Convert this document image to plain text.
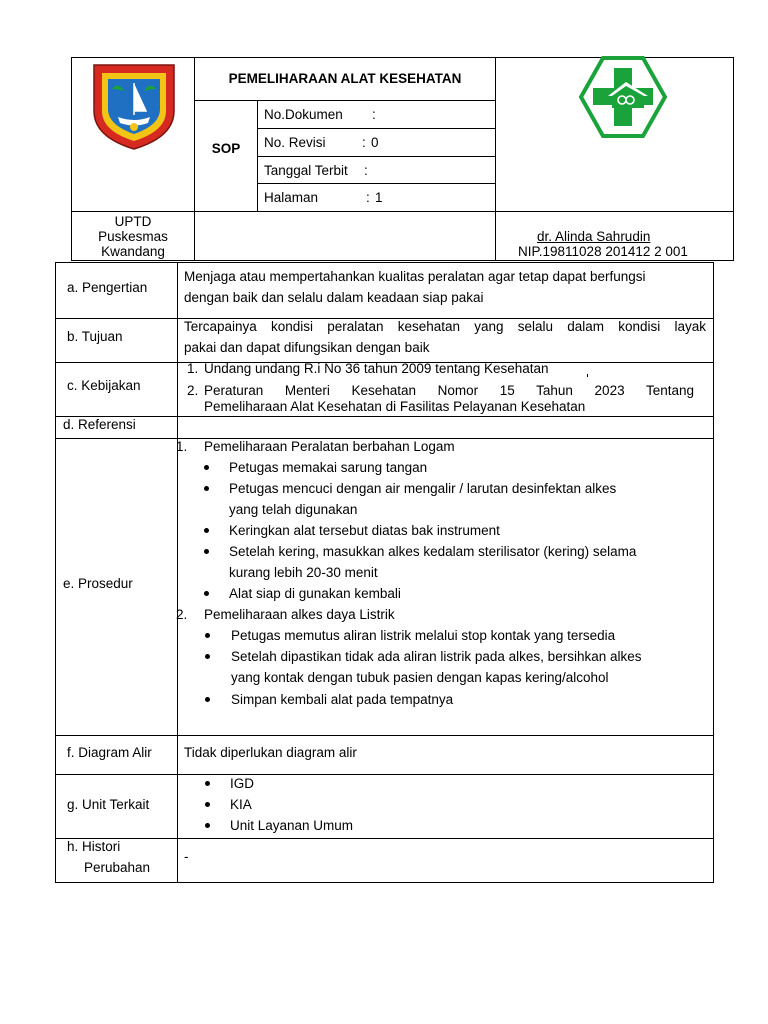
PEMELIHARAAN ALAT KESEHATAN
SOP
No.Dokumen :
No. Revisi	: 0
Tanggal Terbit :
Halaman	: 1
UPTD
Puskesmas
Kwandang
dr. Alinda Sahrudin
NIP.19811028 201412 2 001
a. Pengertian
Menjaga atau mempertahankan kualitas peralatan agar tetap dapat berfungsi
dengan baik dan selalu dalam keadaan siap pakai
b. Tujuan
Tercapainya kondisi peralatan kesehatan yang selalu dalam kondisi layak
pakai dan dapat difungsikan dengan baik
c. Kebijakan
1. Undang undang R.i No 36 tahun 2009 tentang Kesehatan
2. Peraturan Menteri Kesehatan Nomor 15 Tahun 2023 Tentang
Pemeliharaan Alat Kesehatan di Fasilitas Pelayanan Kesehatan
d. Referensi
e. Prosedur
1. Pemeliharaan Peralatan berbahan Logam
Petugas memakai sarung tangan
Petugas mencuci dengan air mengalir / larutan desinfektan alkes
yang telah digunakan
Keringkan alat tersebut diatas bak instrument
Setelah kering, masukkan alkes kedalam sterilisator (kering) selama
kurang lebih 20-30 menit
Alat siap di gunakan kembali
2. Pemeliharaan alkes daya Listrik
Petugas memutus aliran listrik melalui stop kontak yang tersedia
Setelah dipastikan tidak ada aliran listrik pada alkes, bersihkan alkes
yang kontak dengan tubuk pasien dengan kapas kering/alcohol
Simpan kembali alat pada tempatnya
f. Diagram Alir Tidak diperlukan diagram alir
g. Unit Terkait
IGD
KIA
Unit Layanan Umum
h. Histori
Perubahan
-
